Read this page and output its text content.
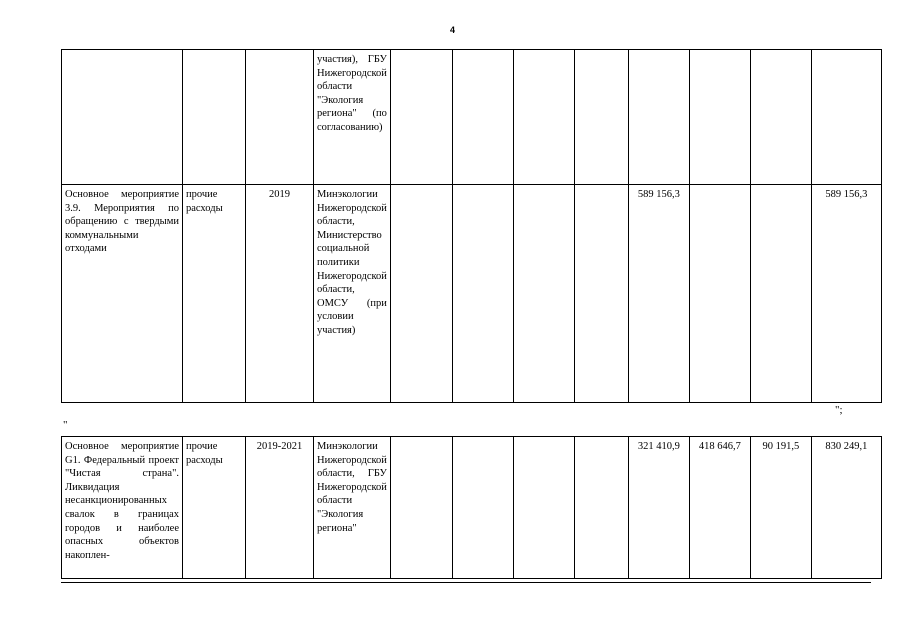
4
			участия), ГБУ Нижегородской области "Экология региона" (по согласованию)								
Основное мероприятие 3.9. Мероприятия по обращению с твердыми коммунальными отходами	прочие расходы	2019	Минэкологии Нижегородской области, Министерство социальной политики Нижегородской области, ОМСУ (при условии участия)					589 156,3			589 156,3
";
"
Основное мероприятие G1. Федеральный проект "Чистая страна". Ликвидация несанкционированных свалок в границах городов и наиболее опасных объектов накоплен-	прочие расходы	2019-2021	Минэкологии Нижегородской области, ГБУ Нижегородской области "Экология региона"					321 410,9	418 646,7	90 191,5	830 249,1
